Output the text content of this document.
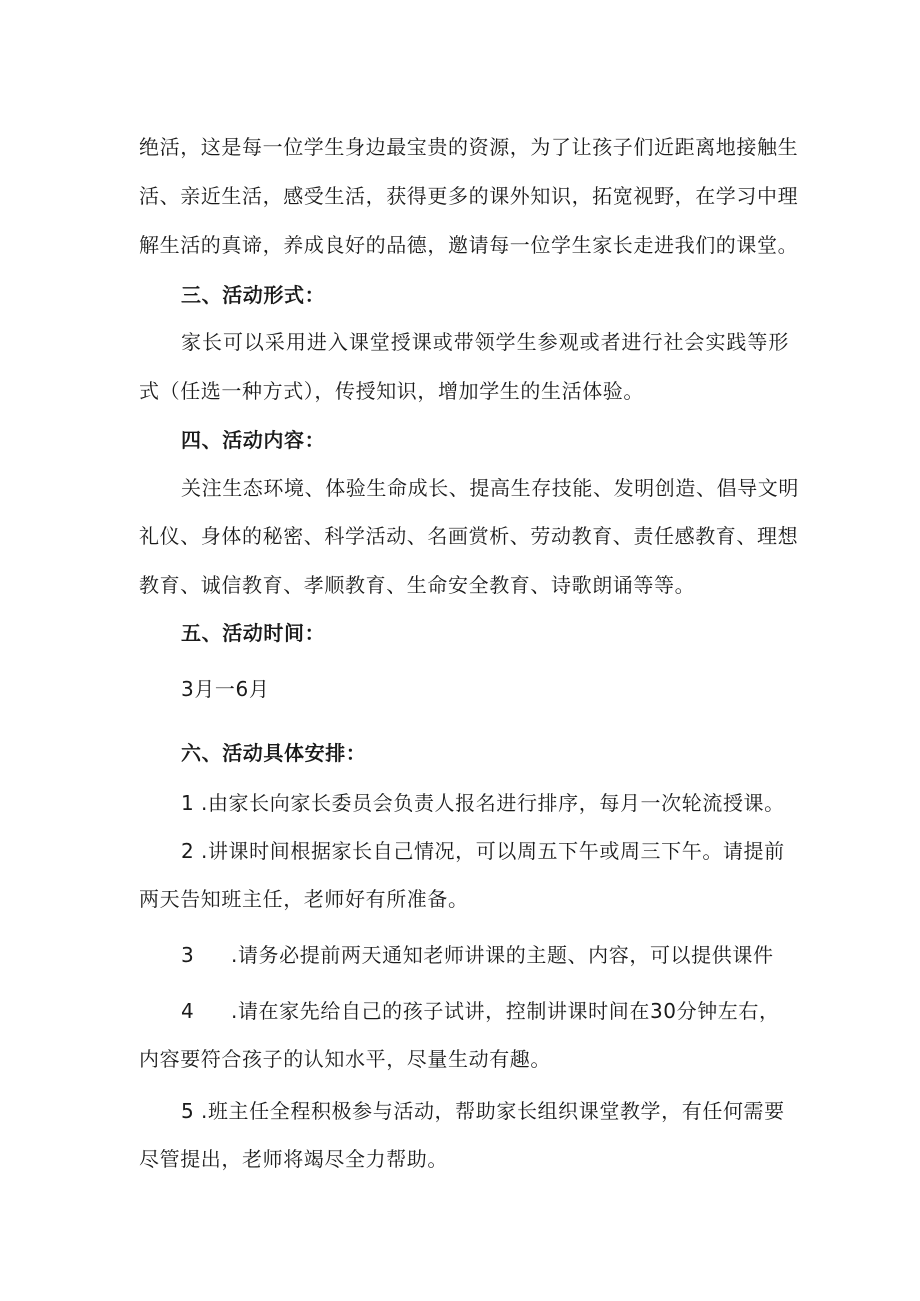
绝活，这是每一位学生身边最宝贵的资源，为了让孩子们近距离地接触生
活、亲近生活，感受生活，获得更多的课外知识，拓宽视野，在学习中理
解生活的真谛，养成良好的品德，邀请每一位学生家长走进我们的课堂。
三、活动形式：
家长可以采用进入课堂授课或带领学生参观或者进行社会实践等形
式（任选一种方式），传授知识，增加学生的生活体验。
四、活动内容：
关注生态环境、体验生命成长、提高生存技能、发明创造、倡导文明
礼仪、身体的秘密、科学活动、名画赏析、劳动教育、责任感教育、理想
教育、诚信教育、孝顺教育、生命安全教育、诗歌朗诵等等。
五、活动时间：
3月一6月
六、活动具体安排：
1 .由家长向家长委员会负责人报名进行排序，每月一次轮流授课。
2 .讲课时间根据家长自己情况，可以周五下午或周三下午。请提前
两天告知班主任，老师好有所准备。
3 .请务必提前两天通知老师讲课的主题、内容，可以提供课件
4 .请在家先给自己的孩子试讲，控制讲课时间在30分钟左右，
内容要符合孩子的认知水平，尽量生动有趣。
5 .班主任全程积极参与活动，帮助家长组织课堂教学，有任何需要
尽管提出，老师将竭尽全力帮助。
